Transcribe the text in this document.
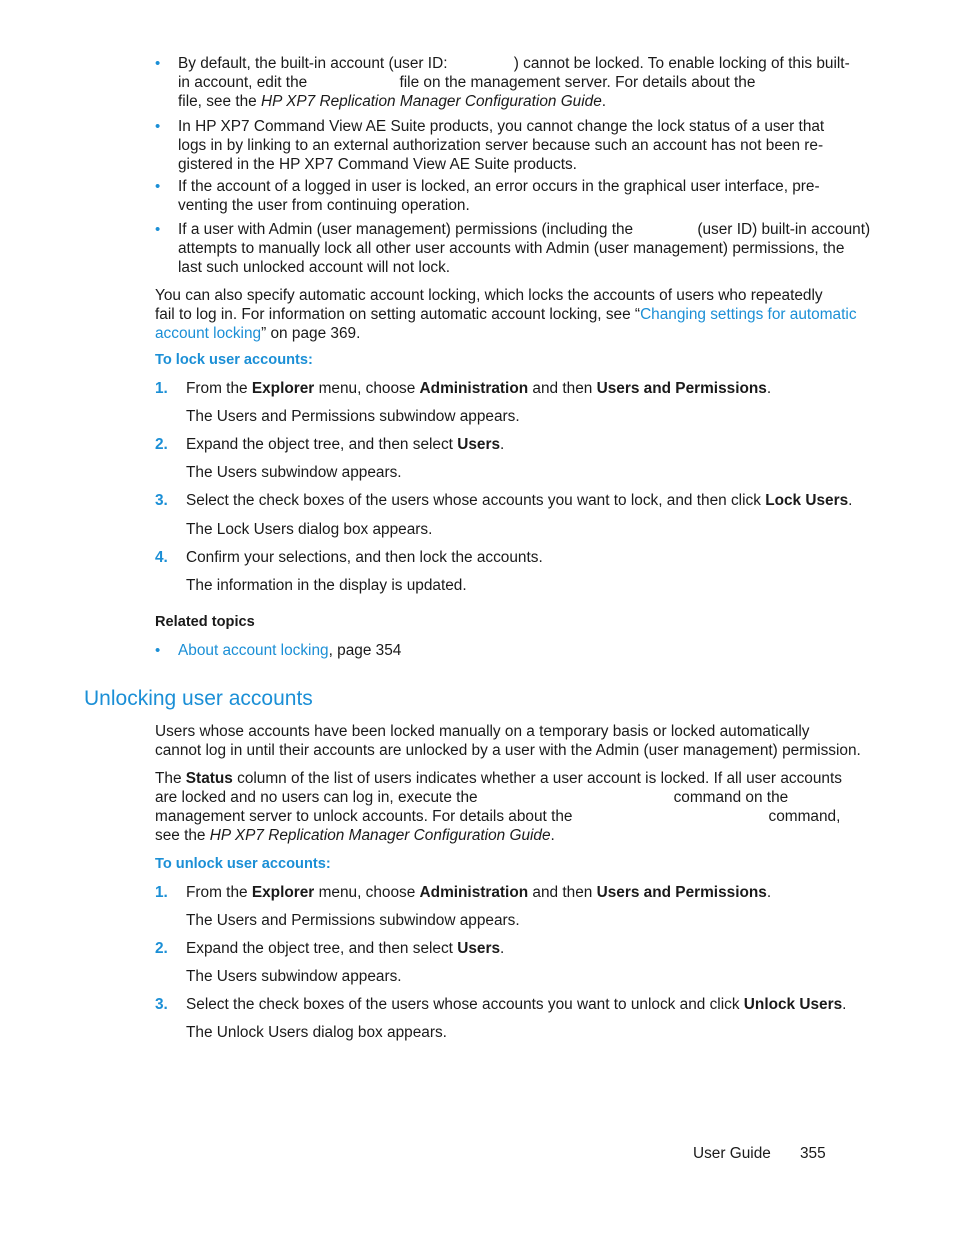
• By default, the built-in account (user ID:	) cannot be locked. To enable locking of this built-
in account, edit the	file on the management server. For details about the
file, see the HP XP7 Replication Manager Configuration Guide.
• In HP XP7 Command View AE Suite products, you cannot change the lock status of a user that
logs in by linking to an external authorization server because such an account has not been re-
gistered in the HP XP7 Command View AE Suite products.
• If the account of a logged in user is locked, an error occurs in the graphical user interface, pre-
venting the user from continuing operation.
• If a user with Admin (user management) permissions (including the	(user ID) built-in account)
attempts to manually lock all other user accounts with Admin (user management) permissions, the
last such unlocked account will not lock.
You can also specify automatic account locking, which locks the accounts of users who repeatedly
fail to log in. For information on setting automatic account locking, see “Changing settings for automatic
account locking” on page 369.
To lock user accounts:
1. From the Explorer menu, choose Administration and then Users and Permissions.
The Users and Permissions subwindow appears.
2. Expand the object tree, and then select Users.
The Users subwindow appears.
3. Select the check boxes of the users whose accounts you want to lock, and then click Lock Users.
The Lock Users dialog box appears.
4. Confirm your selections, and then lock the accounts.
The information in the display is updated.
Related topics
• About account locking, page 354
Unlocking user accounts
Users whose accounts have been locked manually on a temporary basis or locked automatically
cannot log in until their accounts are unlocked by a user with the Admin (user management) permission.
The Status column of the list of users indicates whether a user account is locked. If all user accounts
are locked and no users can log in, execute the	command on the
management server to unlock accounts. For details about the	command,
see the HP XP7 Replication Manager Configuration Guide.
To unlock user accounts:
1. From the Explorer menu, choose Administration and then Users and Permissions.
The Users and Permissions subwindow appears.
2. Expand the object tree, and then select Users.
The Users subwindow appears.
3. Select the check boxes of the users whose accounts you want to unlock and click Unlock Users.
The Unlock Users dialog box appears.
User Guide 355
